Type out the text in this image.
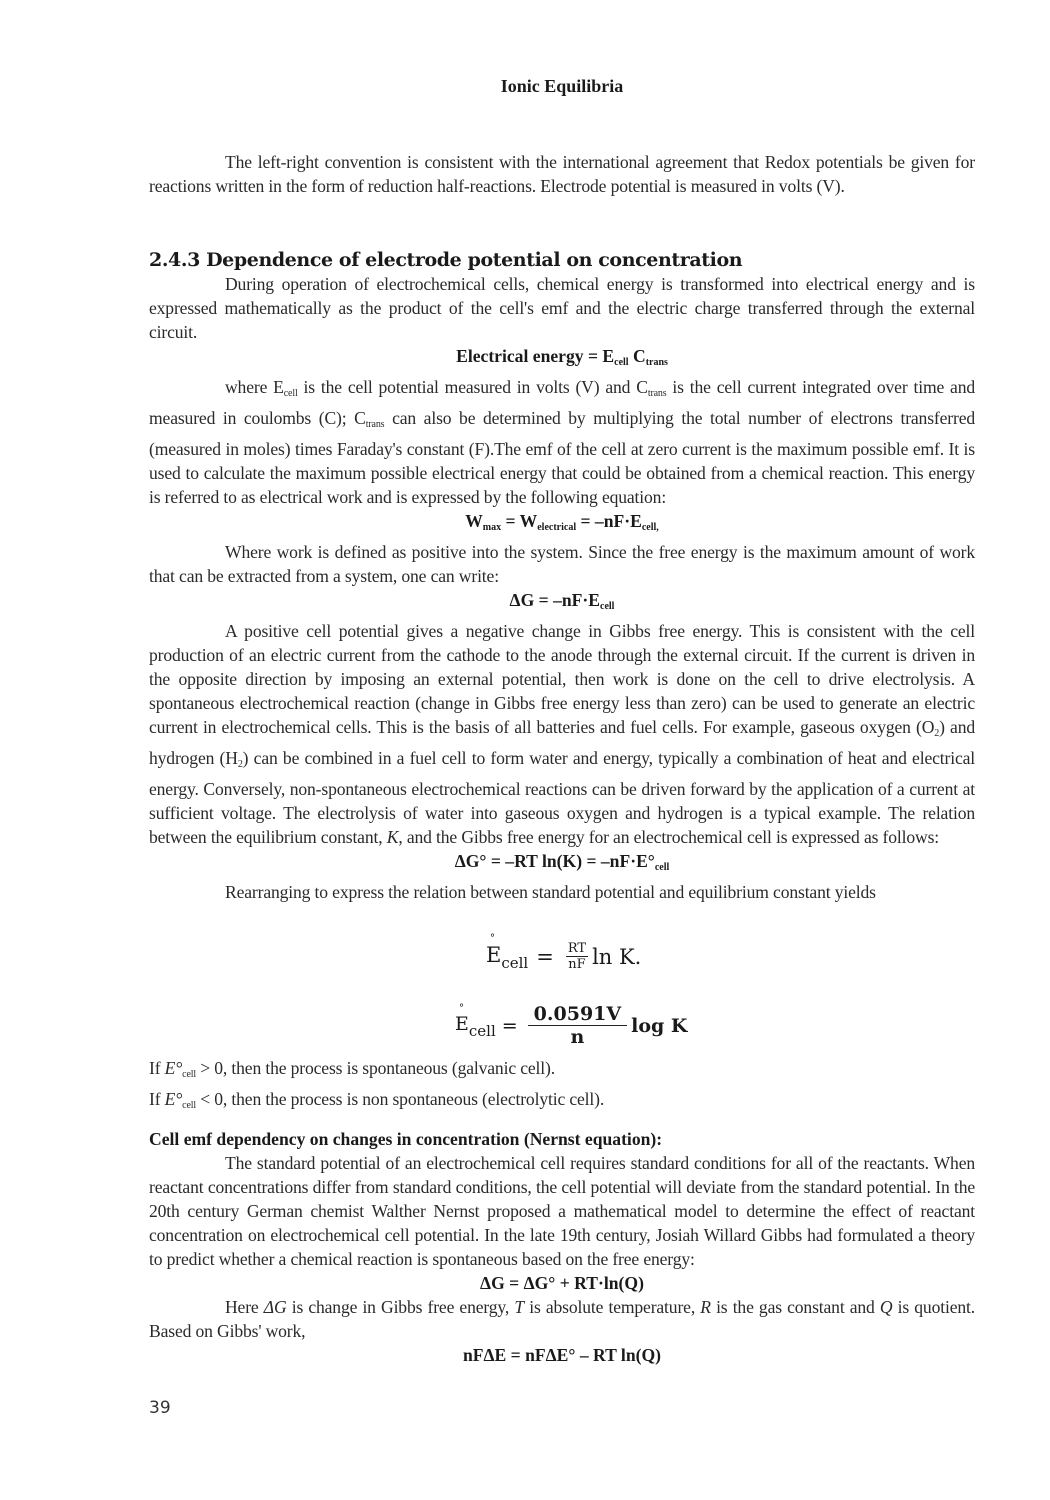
Ionic Equilibria

The left-right convention is consistent with the international agreement that Redox potentials be given for reactions written in the form of reduction half-reactions. Electrode potential is measured in volts (V).

2.4.3 Dependence of electrode potential on concentration

During operation of electrochemical cells, chemical energy is transformed into electrical energy and is expressed mathematically as the product of the cell's emf and the electric charge transferred through the external circuit.

Electrical energy = $E_{cell}$ $C_{trans}$

where $E_{cell}$ is the cell potential measured in volts (V) and $C_{trans}$ is the cell current integrated over time and measured in coulombs (C); $C_{trans}$ can also be determined by multiplying the total number of electrons transferred (measured in moles) times Faraday's constant (F).The emf of the cell at zero current is the maximum possible emf. It is used to calculate the maximum possible electrical energy that could be obtained from a chemical reaction. This energy is referred to as electrical work and is expressed by the following equation:

$W_{max} = W_{electrical} = -nF\cdot E_{cell,}$

Where work is defined as positive into the system. Since the free energy is the maximum amount of work that can be extracted from a system, one can write:

$\Delta G = -nF\cdot E_{cell}$

A positive cell potential gives a negative change in Gibbs free energy. This is consistent with the cell production of an electric current from the cathode to the anode through the external circuit. If the current is driven in the opposite direction by imposing an external potential, then work is done on the cell to drive electrolysis. A spontaneous electrochemical reaction (change in Gibbs free energy less than zero) can be used to generate an electric current in electrochemical cells. This is the basis of all batteries and fuel cells. For example, gaseous oxygen $(O_2)$ and hydrogen $(H_2)$ can be combined in a fuel cell to form water and energy, typically a combination of heat and electrical energy. Conversely, non-spontaneous electrochemical reactions can be driven forward by the application of a current at sufficient voltage. The electrolysis of water into gaseous oxygen and hydrogen is a typical example. The relation between the equilibrium constant, K, and the Gibbs free energy for an electrochemical cell is expressed as follows:

ΔG° = –RT $\ln(K) = -nF\cdot E^\circ_{cell}$

Rearranging to express the relation between standard potential and equilibrium constant yields

E
°
$_{cell} = \frac{RT}{nF}$ ln K.
E
°
$_{cell} = \frac{0.0591V}{n}$ log K

If $E^\circ_{cell} > 0$, then the process is spontaneous (galvanic cell).

If $E^\circ_{cell} < 0$, then the process is non spontaneous (electrolytic cell).

Cell emf dependency on changes in concentration (Nernst equation):

The standard potential of an electrochemical cell requires standard conditions for all of the reactants. When reactant concentrations differ from standard conditions, the cell potential will deviate from the standard potential. In the 20th century German chemist Walther Nernst proposed a mathematical model to determine the effect of reactant concentration on electrochemical cell potential. In the late 19th century, Josiah Willard Gibbs had formulated a theory to predict whether a chemical reaction is spontaneous based on the free energy:

ΔG = ΔG° + RT·ln(Q)

Here ΔG is change in Gibbs free energy, T is absolute temperature, R is the gas constant and Q is quotient. Based on Gibbs' work,

nFΔE = nFΔE° – RT ln(Q)

39
